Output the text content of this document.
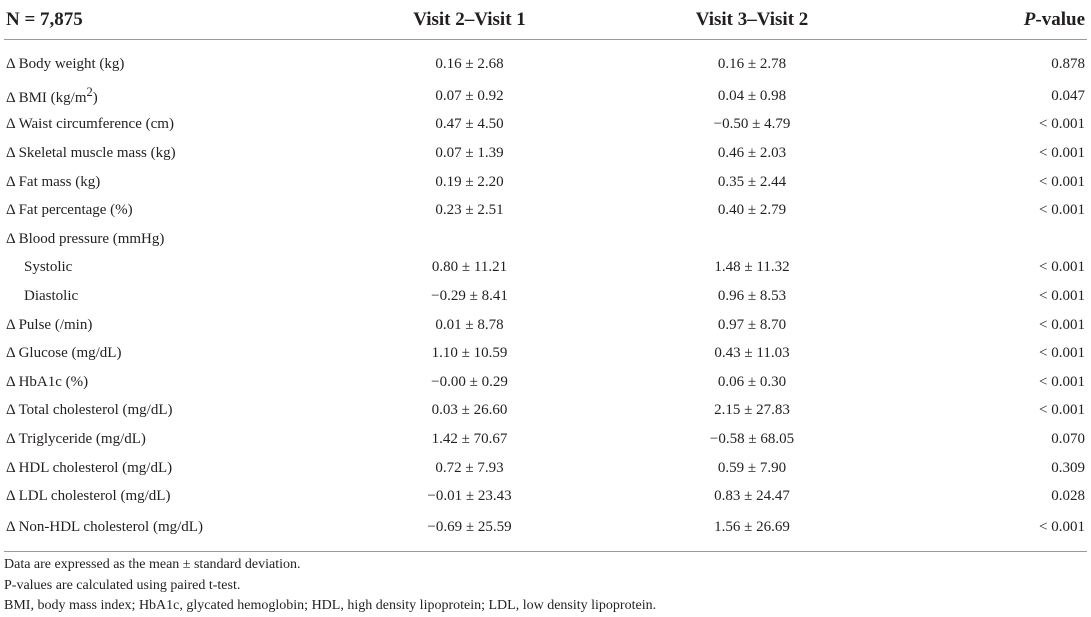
N = 7,875	Visit 2–Visit 1	Visit 3–Visit 2	P-value
Δ Body weight (kg)	0.16 ± 2.68	0.16 ± 2.78	0.878
Δ BMI $(kg/m^2)$	0.07 ± 0.92	0.04 ± 0.98	0.047
Δ Waist circumference (cm)	0.47 ± 4.50	−0.50 ± 4.79	< 0.001
Δ Skeletal muscle mass (kg)	0.07 ± 1.39	0.46 ± 2.03	< 0.001
Δ Fat mass (kg)	0.19 ± 2.20	0.35 ± 2.44	< 0.001
Δ Fat percentage (%)	0.23 ± 2.51	0.40 ± 2.79	< 0.001
Δ Blood pressure (mmHg)			
Systolic	0.80 ± 11.21	1.48 ± 11.32	< 0.001
Diastolic	−0.29 ± 8.41	0.96 ± 8.53	< 0.001
Δ Pulse (/min)	0.01 ± 8.78	0.97 ± 8.70	< 0.001
Δ Glucose (mg/dL)	1.10 ± 10.59	0.43 ± 11.03	< 0.001
Δ HbA1c (%)	−0.00 ± 0.29	0.06 ± 0.30	< 0.001
Δ Total cholesterol (mg/dL)	0.03 ± 26.60	2.15 ± 27.83	< 0.001
Δ Triglyceride (mg/dL)	1.42 ± 70.67	−0.58 ± 68.05	0.070
Δ HDL cholesterol (mg/dL)	0.72 ± 7.93	0.59 ± 7.90	0.309
Δ LDL cholesterol (mg/dL)	−0.01 ± 23.43	0.83 ± 24.47	0.028
Δ Non-HDL cholesterol (mg/dL)	−0.69 ± 25.59	1.56 ± 26.69	< 0.001
Data are expressed as the mean ± standard deviation.
P-values are calculated using paired t-test.
BMI, body mass index; HbA1c, glycated hemoglobin; HDL, high density lipoprotein; LDL, low density lipoprotein.
